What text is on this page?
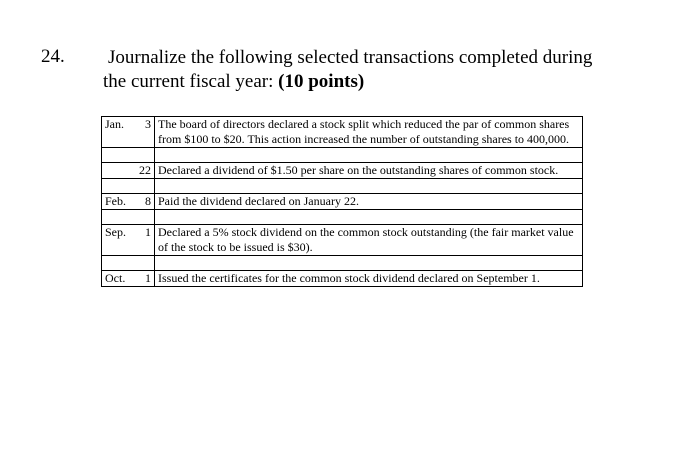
24. Journalize the following selected transactions completed during
the current fiscal year: (10 points)
Jan.	3	The board of directors declared a stock split which reduced the par of common shares from $100 to $20. This action increased the number of outstanding shares to 400,000.

	22	Declared a dividend of $1.50 per share on the outstanding shares of common stock.

Feb.	8	Paid the dividend declared on January 22.

Sep.	1	Declared a 5% stock dividend on the common stock outstanding (the fair market value of the stock to be issued is $30).

Oct.	1	Issued the certificates for the common stock dividend declared on September 1.
